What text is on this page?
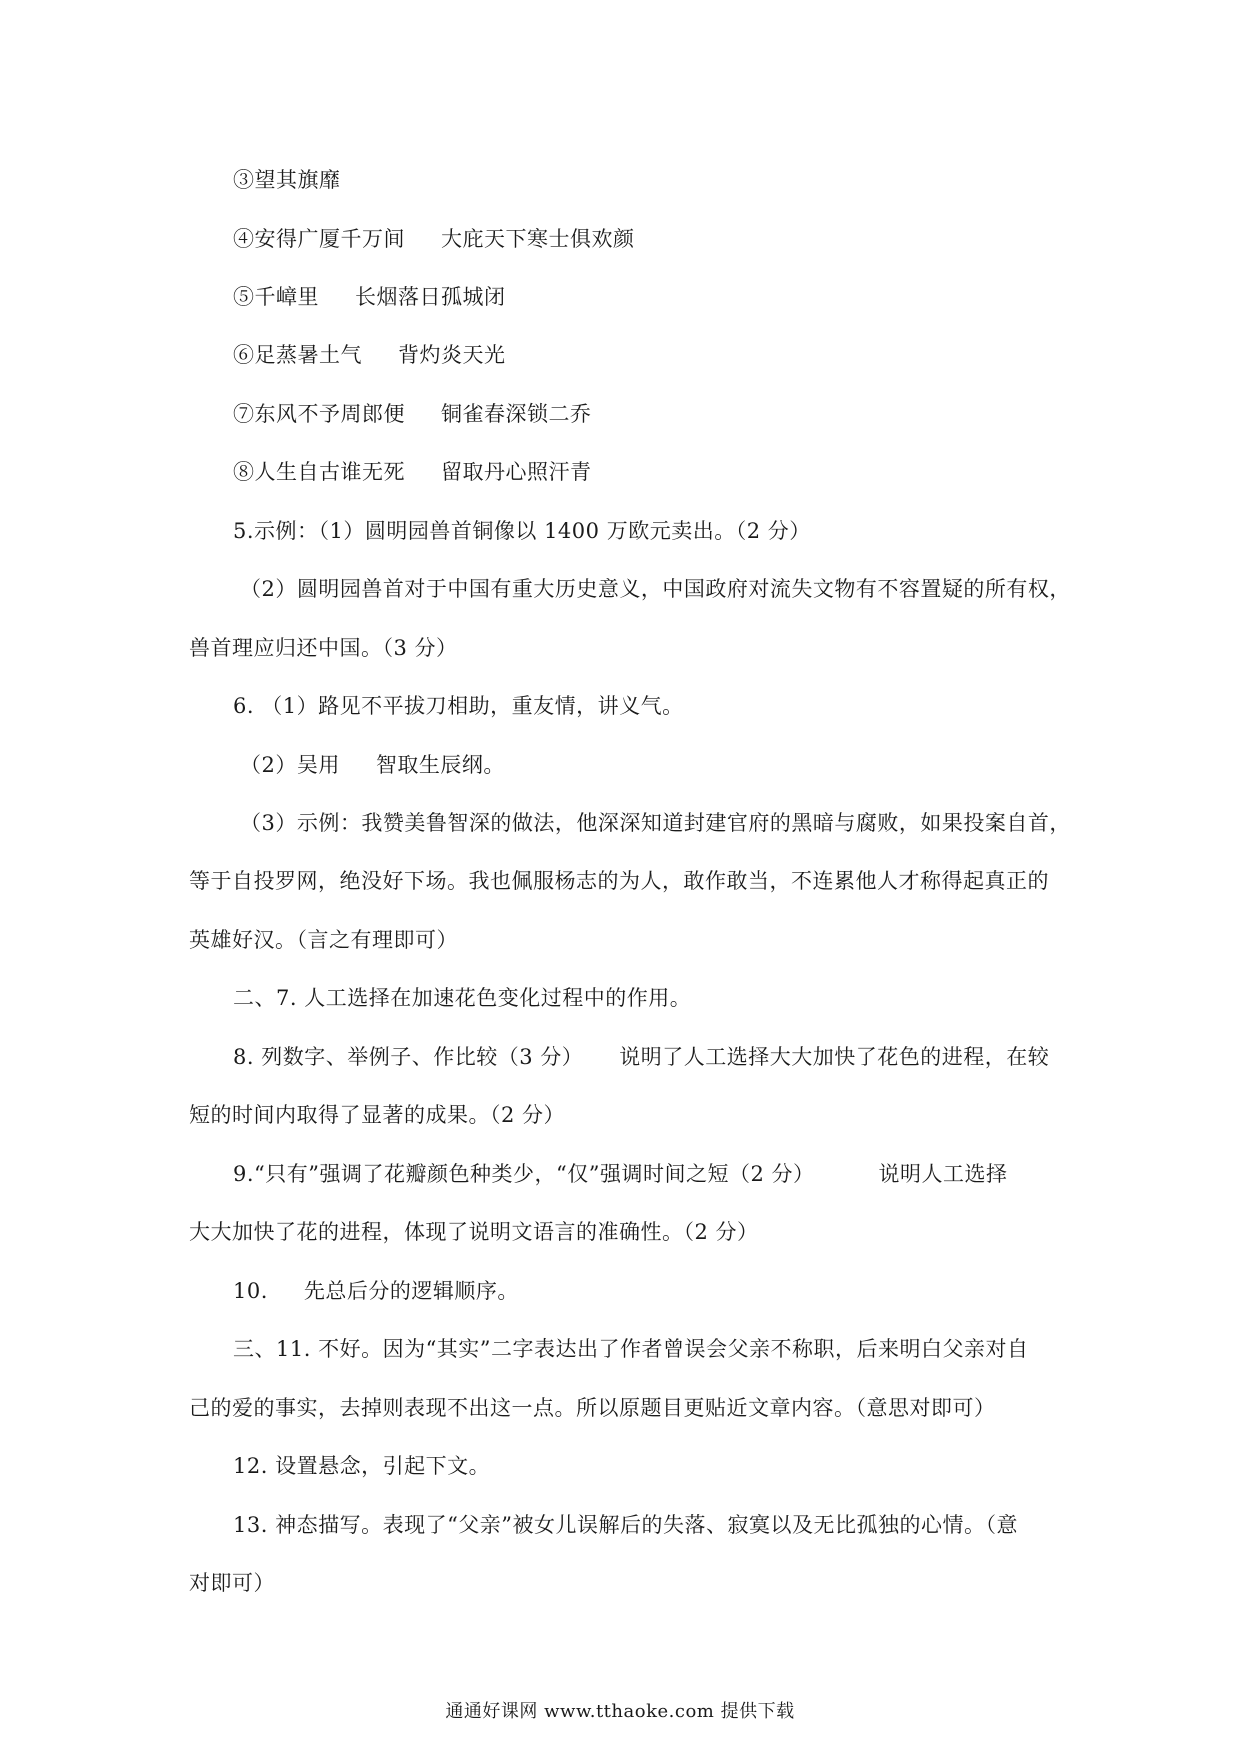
③望其旗靡
④安得广厦千万间 大庇天下寒士俱欢颜
⑤千嶂里 长烟落日孤城闭
⑥足蒸暑土气 背灼炎天光
⑦东风不予周郎便 铜雀春深锁二乔
⑧人生自古谁无死 留取丹心照汗青
5.示例：（1）圆明园兽首铜像以 1400 万欧元卖出。（2 分）
（2）圆明园兽首对于中国有重大历史意义，中国政府对流失文物有不容置疑的所有权，
兽首理应归还中国。（3 分）
6. （1）路见不平拔刀相助，重友情，讲义气。
（2）吴用 智取生辰纲。
（3）示例：我赞美鲁智深的做法，他深深知道封建官府的黑暗与腐败，如果投案自首，
等于自投罗网，绝没好下场。我也佩服杨志的为人，敢作敢当，不连累他人才称得起真正的
英雄好汉。（言之有理即可）
二、7. 人工选择在加速花色变化过程中的作用。
8. 列数字、举例子、作比较（3 分） 说明了人工选择大大加快了花色的进程，在较
短的时间内取得了显著的成果。（2 分）
9.“只有”强调了花瓣颜色种类少，“仅”强调时间之短（2 分）	说明人工选择
大大加快了花的进程，体现了说明文语言的准确性。（2 分）
10. 先总后分的逻辑顺序。
三、11. 不好。因为“其实”二字表达出了作者曾误会父亲不称职，后来明白父亲对自
己的爱的事实，去掉则表现不出这一点。所以原题目更贴近文章内容。（意思对即可）
12. 设置悬念，引起下文。
13. 神态描写。表现了“父亲”被女儿误解后的失落、寂寞以及无比孤独的心情。（意
对即可）
通通好课网 www.tthaoke.com 提供下载
